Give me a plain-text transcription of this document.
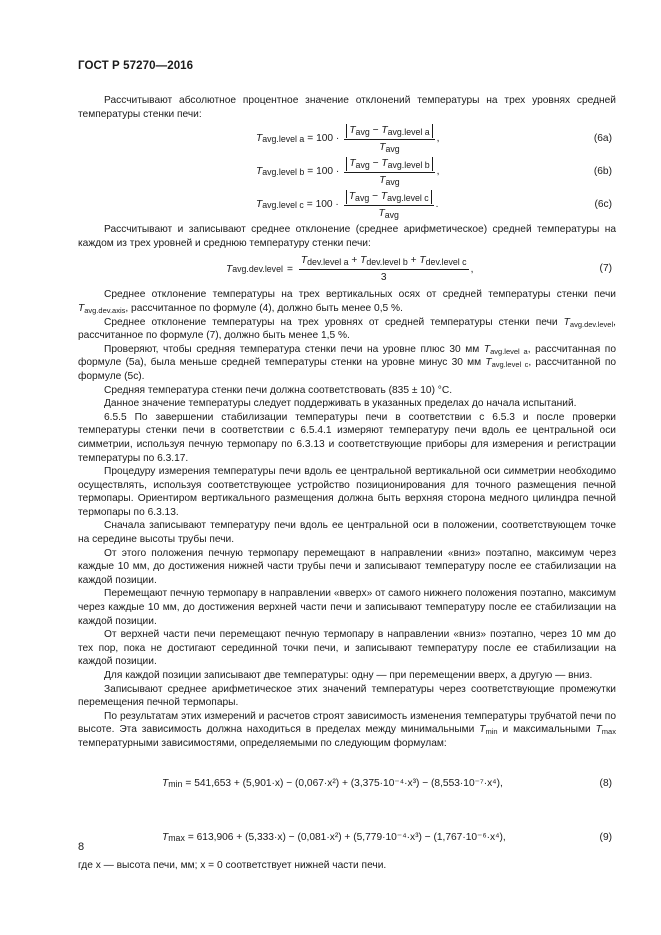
ГОСТ Р 57270—2016

Рассчитывают абсолютное процентное значение отклонений температуры на трех уровнях средней температуры стенки печи:

T avg.level $a = 100 \cdot \frac{T_{avg} - T_{avg.level a}}{T_{avg}}$ ,	(6a)
T avg.level $b = 100 \cdot \frac{T_{avg} - T_{avg.level b}}{T_{avg}}$ ,	(6b)
T avg.level $c = 100 \cdot \frac{T_{avg} - T_{avg.level c}}{T_{avg}}$ .	(6c)

Рассчитывают и записывают среднее отклонение (среднее арифметическое) средней температуры на каждом из трех уровней и среднюю температуру стенки печи:

T avg.dev.level = $\frac{T_{dev.level a} + T_{dev.level b} + T_{dev.level c}}{3}$ ,	(7)

Среднее отклонение температуры на трех вертикальных осях от средней температуры стенки печи $T_{avg.dev.axis}$, рассчитанное по формуле (4), должно быть менее 0,5 %.

Среднее отклонение температуры на трех уровнях от средней температуры стенки печи $T_{avg.dev.level}$, рассчитанное по формуле (7), должно быть менее 1,5 %.

Проверяют, чтобы средняя температура стенки печи на уровне плюс 30 мм $T_{avg.level a}$, рассчитанная по формуле (5a), была меньше средней температуры стенки на уровне минус 30 мм $T_{avg.level c}$, рассчитанной по формуле (5c).

Средняя температура стенки печи должна соответствовать (835 ± 10) °С.

Данное значение температуры следует поддерживать в указанных пределах до начала испытаний.

6.5.5 По завершении стабилизации температуры печи в соответствии с 6.5.3 и после проверки температуры стенки печи в соответствии с 6.5.4.1 измеряют температуру печи вдоль ее центральной оси симметрии, используя печную термопару по 6.3.13 и соответствующие приборы для измерения и регистрации температуры по 6.3.17.

Процедуру измерения температуры печи вдоль ее центральной вертикальной оси симметрии необходимо осуществлять, используя соответствующее устройство позиционирования для точного размещения печной термопары. Ориентиром вертикального размещения должна быть верхняя сторона медного цилиндра печной термопары по 6.3.13.

Сначала записывают температуру печи вдоль ее центральной оси в положении, соответствующем точке на середине высоты трубы печи.

От этого положения печную термопару перемещают в направлении «вниз» поэтапно, максимум через каждые 10 мм, до достижения нижней части трубы печи и записывают температуру после ее стабилизации на каждой позиции.

Перемещают печную термопару в направлении «вверх» от самого нижнего положения поэтапно, максимум через каждые 10 мм, до достижения верхней части печи и записывают температуру после ее стабилизации на каждой позиции.

От верхней части печи перемещают печную термопару в направлении «вниз» поэтапно, через 10 мм до тех пор, пока не достигают серединной точки печи, и записывают температуру после ее стабилизации на каждой позиции.

Для каждой позиции записывают две температуры: одну — при перемещении вверх, а другую — вниз.

Записывают среднее арифметическое этих значений температуры через соответствующие промежутки перемещения печной термопары.

По результатам этих измерений и расчетов строят зависимость изменения температуры трубчатой печи по высоте. Эта зависимость должна находиться в пределах между минимальными $T_{min}$ и максимальными $T_{max}$ температурными зависимостями, определяемыми по следующим формулам:

T min = 541,653 + (5,901·x) − (0,067·x²) + (3,375·10⁻⁴·x³) − (8,553·10⁻⁷·x⁴),	(8)
T max = 613,906 + (5,333·x) − (0,081·x²) + (5,779·10⁻⁴·x³) − (1,767·10⁻⁶·x⁴),	(9)

где x — высота печи, мм; x = 0 соответствует нижней части печи.

8
